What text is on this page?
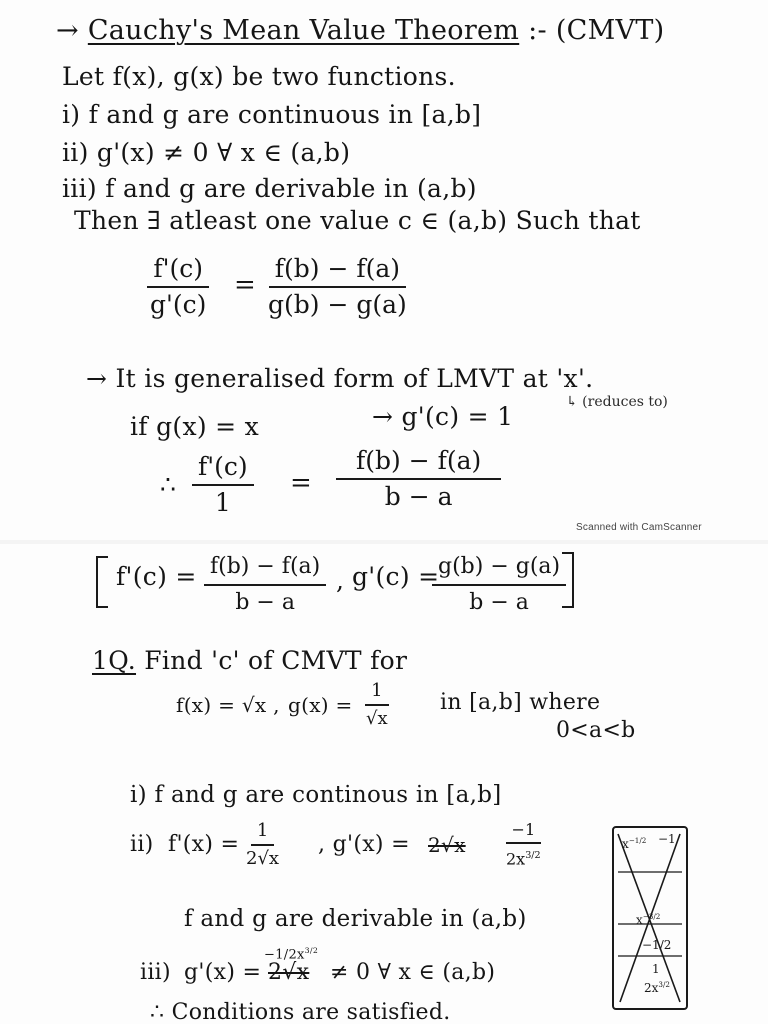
→ Cauchy's Mean Value Theorem :- (CMVT)
Let f(x), g(x) be two functions.
i) f and g are continuous in [a,b]
ii) g'(x) ≠ 0 ∀ x ∈ (a,b)
iii) f and g are derivable in (a,b)
Then ∃ atleast one value c ∈ (a,b) Such that
$\frac{f'(c)}{g'(c)} = \frac{f(b) - f(a)}{g(b) - g(a)}$
→ It is generalised form of LMVT at 'x'.
if g(x) = x	→ g'(c) = 1	↳ (reduces to)
∴ $\frac{f'(c)}{1} = \frac{f(b) - f(a)}{b - a}$
Scanned with CamScanner
$f'(c) = \frac{f(b) - f(a)}{b - a}$ , g'(c) =
$\frac{g(b) - g(a)}{b - a}$
1Q. Find 'c' of CMVT for
f(x) = √x , $g(x) = \frac{1}{√x}$ in [a,b] where
0<a<b
i) f and g are continous in [a,b]
ii) $f'(x) = \frac{1}{2√x}$ , $g'(x) = 2√x \frac{-1}{2x^{3/2}}$
f and g are derivable in (a,b)
$-1/2x^{3/2}$
iii) g'(x) = 2√x ≠ 0 ∀ x ∈ (a,b)
∴ Conditions are satisfied.
$x^{-1/2} -1$
$x^{-3/2}$
−1/2
1
$2x^{3/2}$
